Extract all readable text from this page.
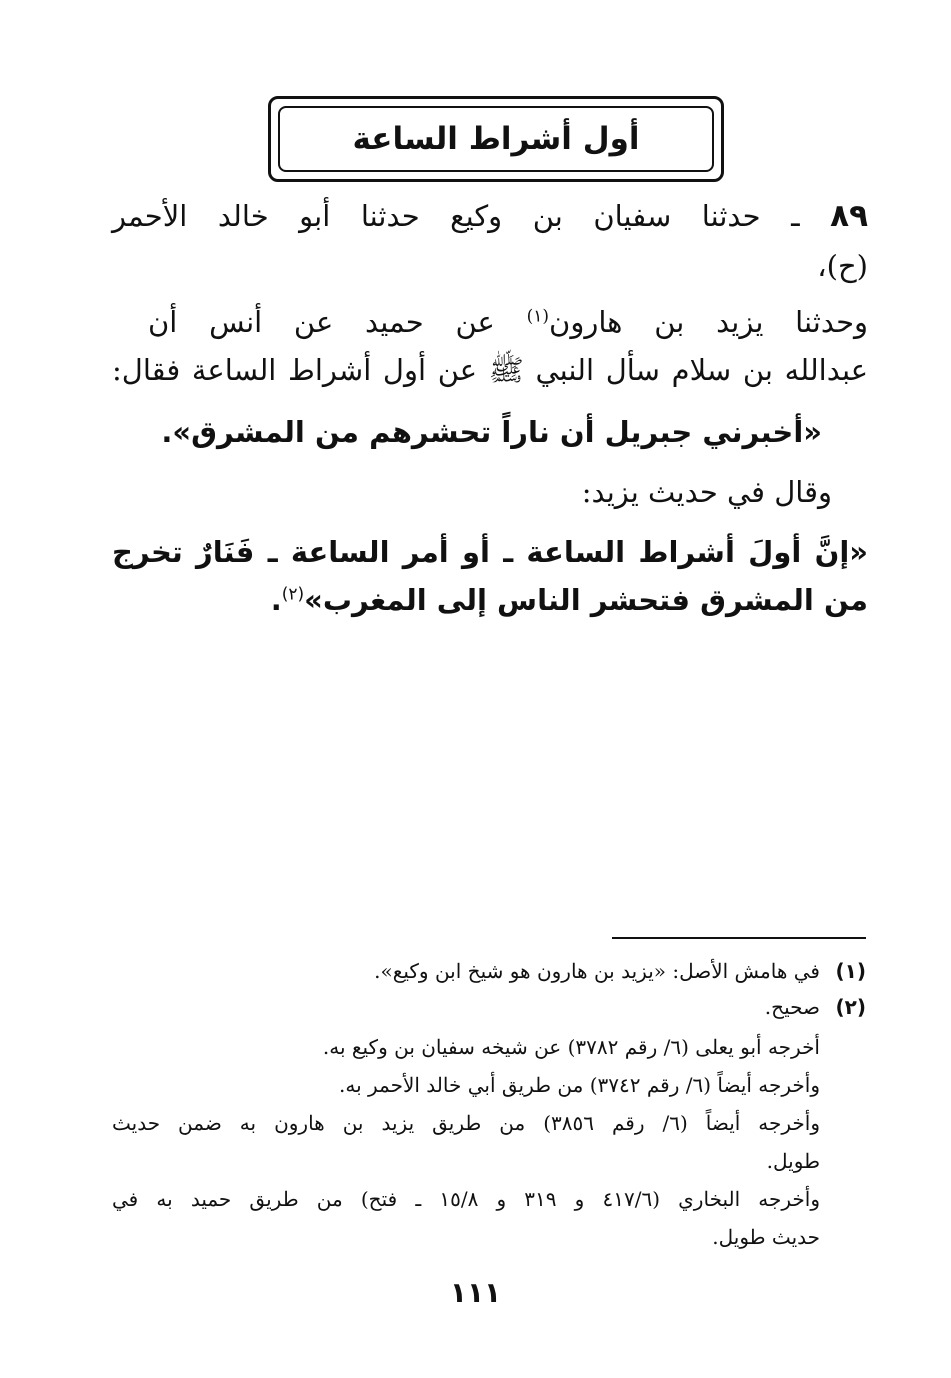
أول أشراط الساعة
٨٩ ـ حدثنا سفيان بن وكيع حدثنا أبو خالد الأحمر
(ح)،
وحدثنا يزيد بن هارون$^{(١)}$ عن حميد عن أنس أن
عبدالله بن سلام سأل النبي ﷺ عن أول أشراط الساعة فقال:
«أخبرني جبريل أن ناراً تحشرهم من المشرق».
وقال في حديث يزيد:
«إنَّ أولَ أشراط الساعة ـ أو أمر الساعة ـ فَنَارٌ تخرج
من المشرق فتحشر الناس إلى المغرب»$^{(٢)}$.
(١)
في هامش الأصل: «يزيد بن هارون هو شيخ ابن وكيع».
(٢)
صحيح.
أخرجه أبو يعلى (٦/ رقم ٣٧٨٢) عن شيخه سفيان بن وكيع به.
وأخرجه أيضاً (٦/ رقم ٣٧٤٢) من طريق أبي خالد الأحمر به.
وأخرجه أيضاً (٦/ رقم ٣٨٥٦) من طريق يزيد بن هارون به ضمن حديث
طويل.
وأخرجه البخاري (٤١٧/٦ و ٣١٩ و ١٥/٨ ـ فتح) من طريق حميد به في
حديث طويل.
١١١
